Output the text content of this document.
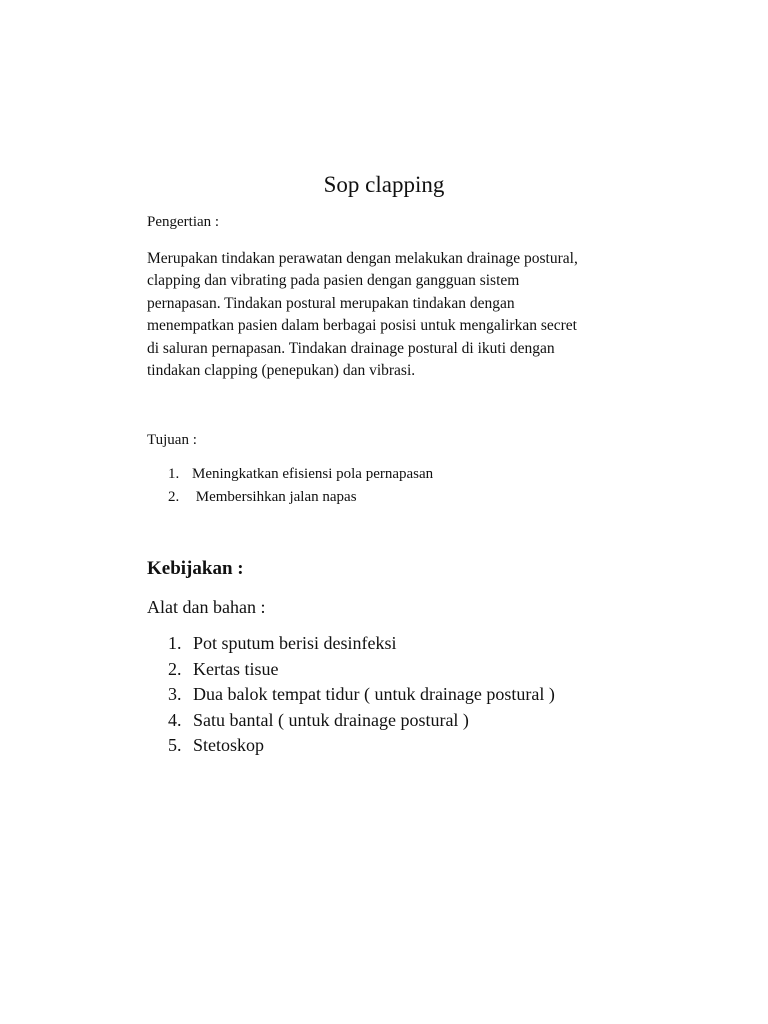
Sop clapping
Pengertian :
Merupakan tindakan perawatan dengan melakukan drainage postural,
clapping dan vibrating pada pasien dengan gangguan sistem
pernapasan. Tindakan postural merupakan tindakan dengan
menempatkan pasien dalam berbagai posisi untuk mengalirkan secret
di saluran pernapasan. Tindakan drainage postural di ikuti dengan
tindakan clapping (penepukan) dan vibrasi.
Tujuan :
1. Meningkatkan efisiensi pola pernapasan
2. Membersihkan jalan napas
Kebijakan :
Alat dan bahan :
1. Pot sputum berisi desinfeksi
2. Kertas tisue
3. Dua balok tempat tidur ( untuk drainage postural )
4. Satu bantal ( untuk drainage postural )
5. Stetoskop
